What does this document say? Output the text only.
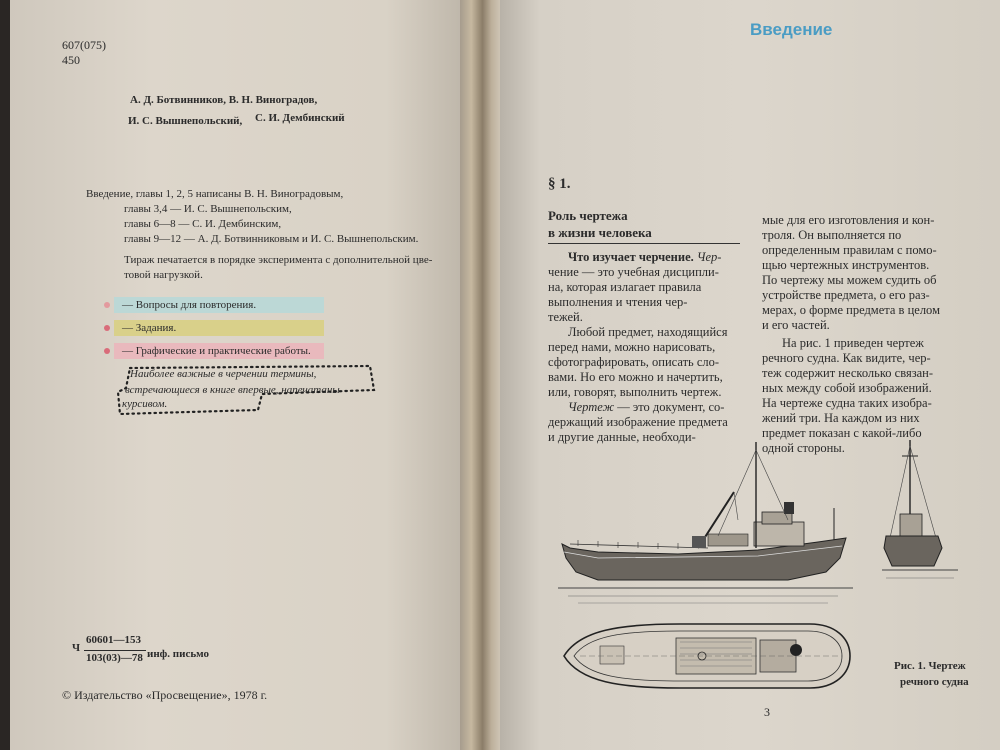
607(075)
450
А. Д. Ботвинников, В. Н. Виноградов,
И. С. Вышнепольский, С. И. Дембинский
Введение, главы 1, 2, 5 написаны В. Н. Виноградовым,
главы 3,4 — И. С. Вышнепольским,
главы 6—8 — С. И. Дембинским,
главы 9—12 — А. Д. Ботвинниковым и И. С. Вышнепольским.
Тираж печатается в порядке эксперимента с дополнительной цве-
товой нагрузкой.
— Вопросы для повторения.
— Задания.
— Графические и практические работы.
Наиболее важные в черчении термины,
встречающиеся в книге впервые, напечатаны
курсивом.
Ч
60601—153
103(03)—78 инф. письмо
© Издательство «Просвещение», 1978 г.
Введение
§ 1.
Роль чертежа
в жизни человека

Что изучает черчение. Чер-

чение — это учебная дисципли-

на, которая излагает правила

выполнения и чтения чер-

тежей.

Любой предмет, находящийся

перед нами, можно нарисовать,

сфотографировать, описать сло-

вами. Но его можно и начертить,

или, говорят, выполнить чертеж.

Чертеж — это документ, со-

держащий изображение предмета

и другие данные, необходи-

мые для его изготовления и кон-

троля. Он выполняется по

определенным правилам с помо-

щью чертежных инструментов.

По чертежу мы можем судить об

устройстве предмета, о его раз-

мерах, о форме предмета в целом

и его частей.

На рис. 1 приведен чертеж

речного судна. Как видите, чер-

теж содержит несколько связан-

ных между собой изображений.

На чертеже судна таких изобра-

жений три. На каждом из них

предмет показан с какой-либо

одной стороны.

Рис. 1. Чертеж
речного судна
3
